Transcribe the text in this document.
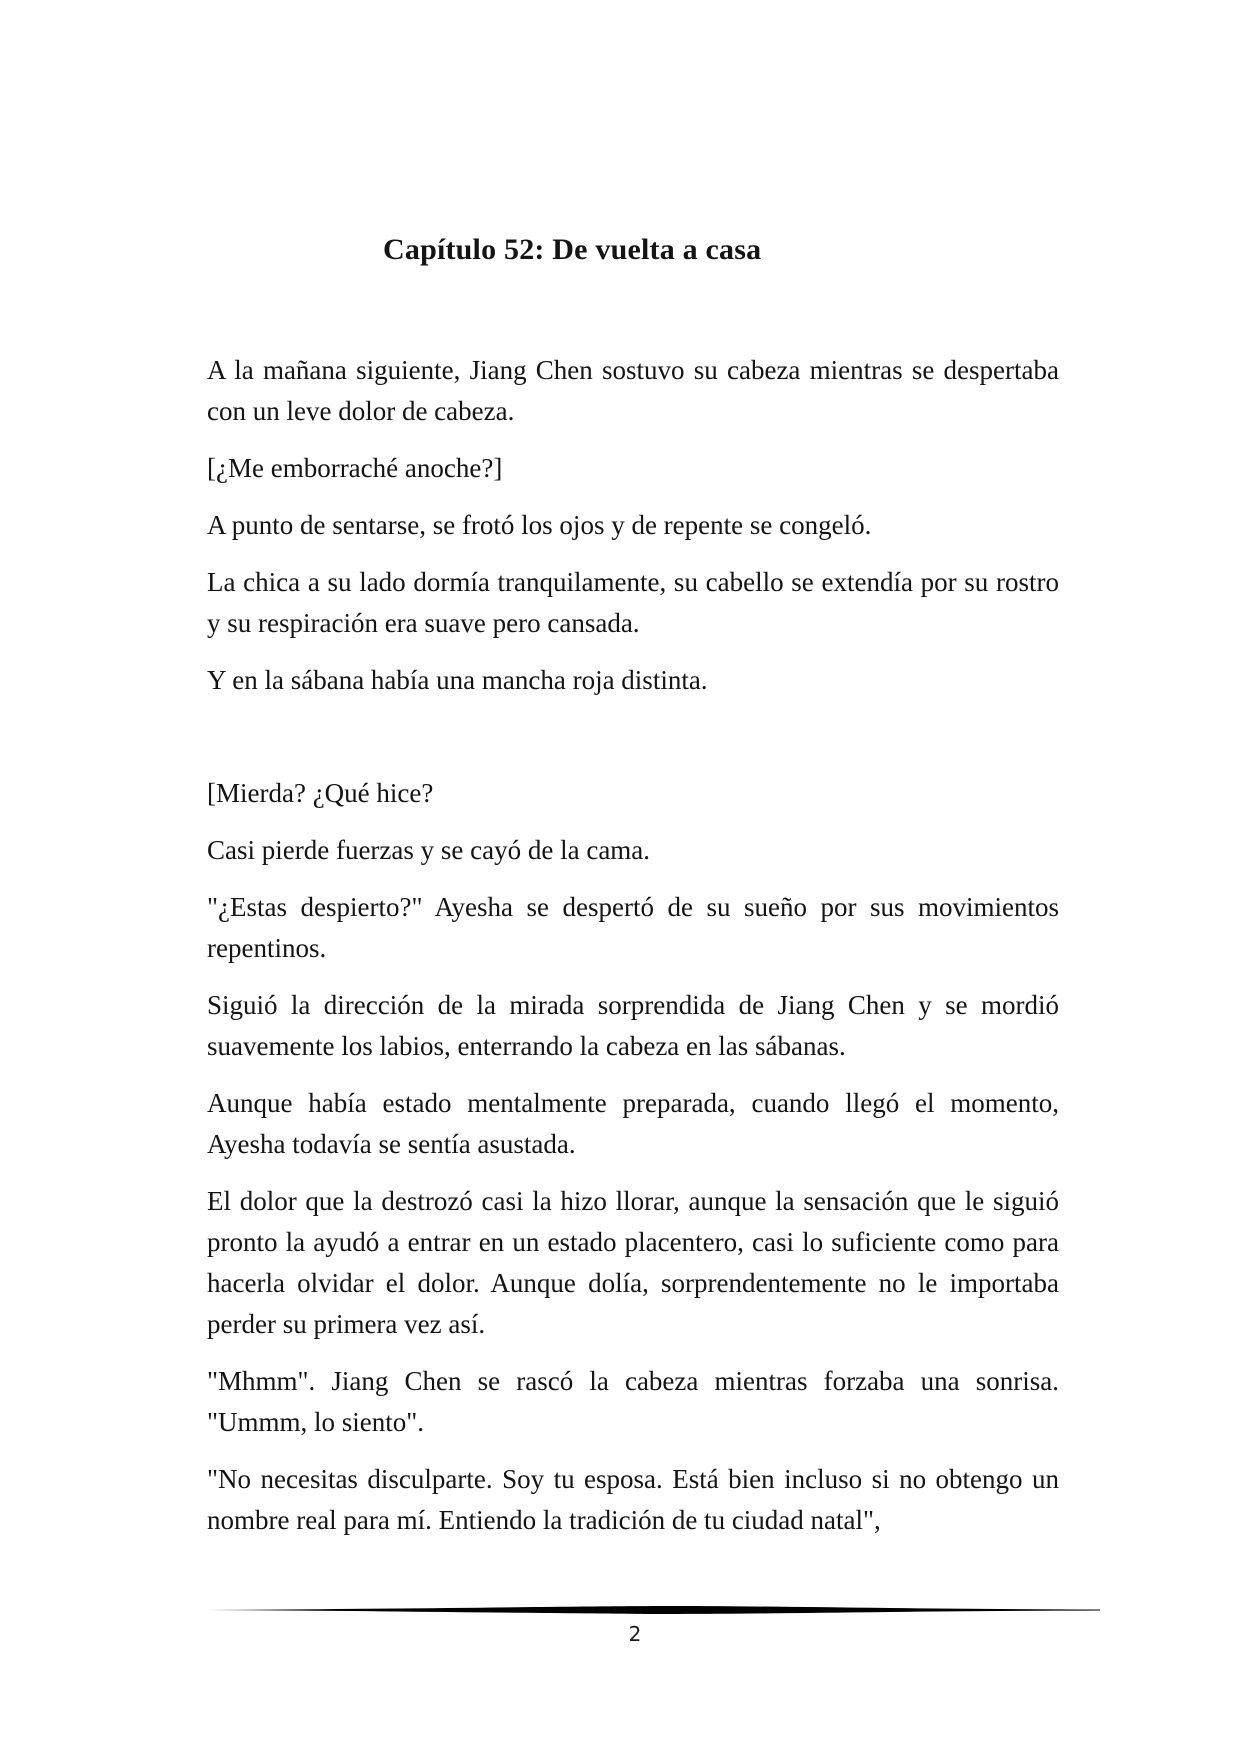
Capítulo 52: De vuelta a casa

A la mañana siguiente, Jiang Chen sostuvo su cabeza mientras se despertaba con un leve dolor de cabeza.

[¿Me emborraché anoche?]

A punto de sentarse, se frotó los ojos y de repente se congeló.

La chica a su lado dormía tranquilamente, su cabello se extendía por su rostro y su respiración era suave pero cansada.

Y en la sábana había una mancha roja distinta.

[Mierda? ¿Qué hice?

Casi pierde fuerzas y se cayó de la cama.

"¿Estas despierto?" Ayesha se despertó de su sueño por sus movimientos repentinos.

Siguió la dirección de la mirada sorprendida de Jiang Chen y se mordió suavemente los labios, enterrando la cabeza en las sábanas.

Aunque había estado mentalmente preparada, cuando llegó el momento, Ayesha todavía se sentía asustada.

El dolor que la destrozó casi la hizo llorar, aunque la sensación que le siguió pronto la ayudó a entrar en un estado placentero, casi lo suficiente como para hacerla olvidar el dolor. Aunque dolía, sorprendentemente no le importaba perder su primera vez así.

"Mhmm". Jiang Chen se rascó la cabeza mientras forzaba una sonrisa. "Ummm, lo siento".

"No necesitas disculparte. Soy tu esposa. Está bien incluso si no obtengo un nombre real para mí. Entiendo la tradición de tu ciudad natal",

2
